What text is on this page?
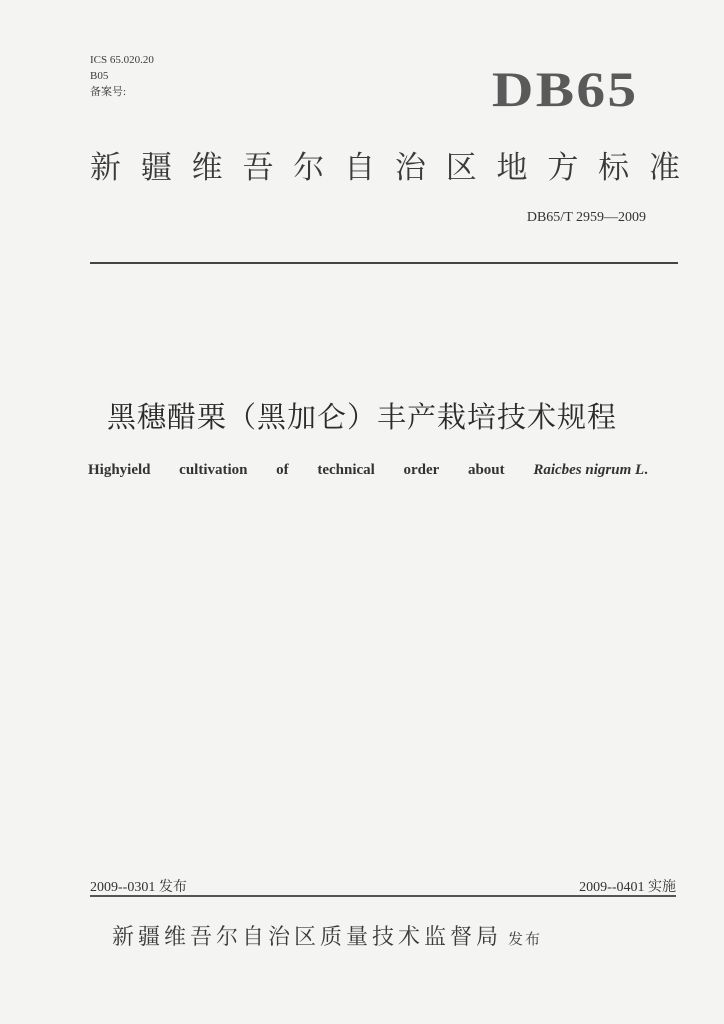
ICS 65.020.20
B05
备案号:	DB65
新 疆 维 吾 尔 自 治 区 地 方 标 准
DB65/T 2959—2009
黑穗醋栗（黑加仑）丰产栽培技术规程
Highyield cultivation of technical order about Raicbes nigrum L.
2009--0301 发布	2009--0401 实施
新疆维吾尔自治区质量技术监督局 发布
